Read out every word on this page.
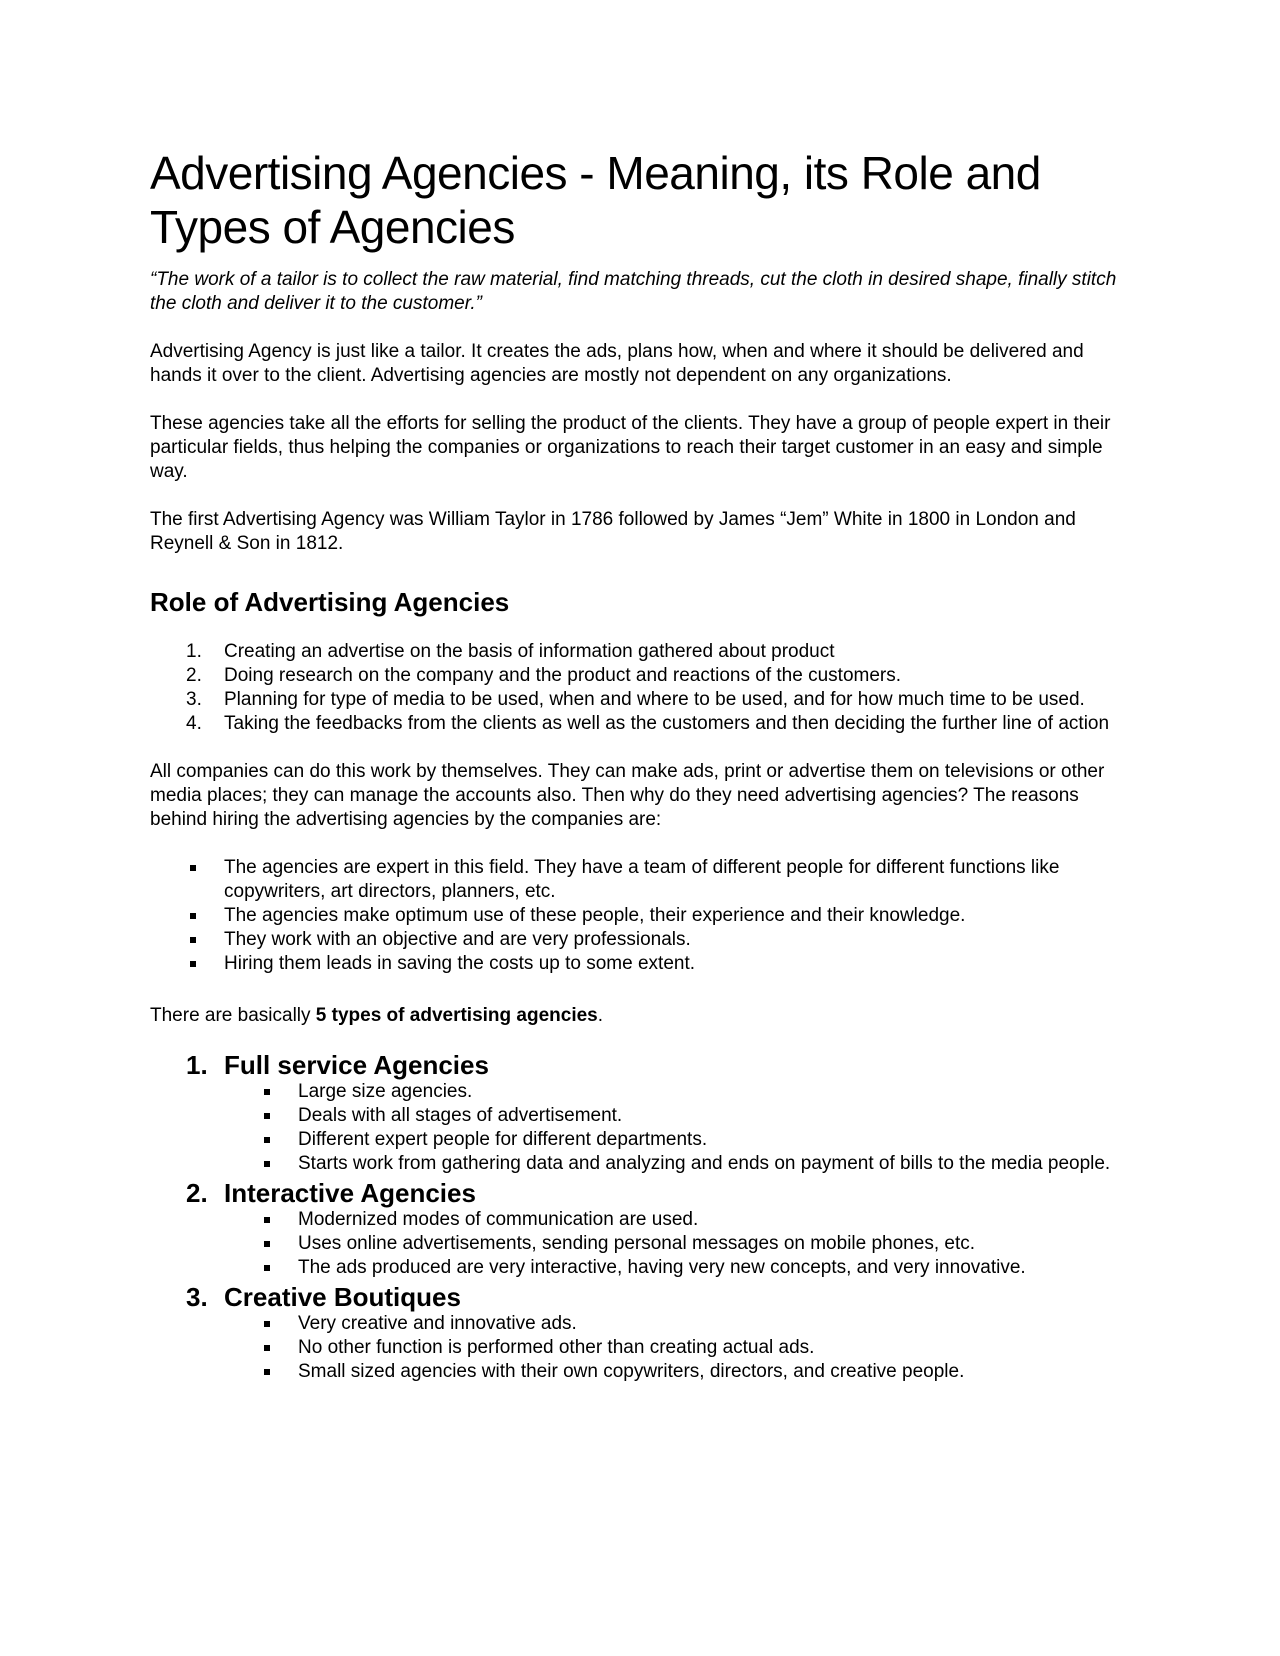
Advertising Agencies - Meaning, its Role and Types of Agencies

“The work of a tailor is to collect the raw material, find matching threads, cut the cloth in desired shape, finally stitch the cloth and deliver it to the customer.”

Advertising Agency is just like a tailor. It creates the ads, plans how, when and where it should be delivered and hands it over to the client. Advertising agencies are mostly not dependent on any organizations.

These agencies take all the efforts for selling the product of the clients. They have a group of people expert in their particular fields, thus helping the companies or organizations to reach their target customer in an easy and simple way.

The first Advertising Agency was William Taylor in 1786 followed by James “Jem” White in 1800 in London and Reynell & Son in 1812.

Role of Advertising Agencies
1. Creating an advertise on the basis of information gathered about product
2. Doing research on the company and the product and reactions of the customers.
3. Planning for type of media to be used, when and where to be used, and for how much time to be used.
4. Taking the feedbacks from the clients as well as the customers and then deciding the further line of action

All companies can do this work by themselves. They can make ads, print or advertise them on televisions or other media places; they can manage the accounts also. Then why do they need advertising agencies? The reasons behind hiring the advertising agencies by the companies are:

The agencies are expert in this field. They have a team of different people for different functions like copywriters, art directors, planners, etc.
The agencies make optimum use of these people, their experience and their knowledge.
They work with an objective and are very professionals.
Hiring them leads in saving the costs up to some extent.

There are basically 5 types of advertising agencies.

1. Full service Agencies
Large size agencies.
Deals with all stages of advertisement.
Different expert people for different departments.
Starts work from gathering data and analyzing and ends on payment of bills to the media people.
2. Interactive Agencies
Modernized modes of communication are used.
Uses online advertisements, sending personal messages on mobile phones, etc.
The ads produced are very interactive, having very new concepts, and very innovative.
3. Creative Boutiques
Very creative and innovative ads.
No other function is performed other than creating actual ads.
Small sized agencies with their own copywriters, directors, and creative people.
